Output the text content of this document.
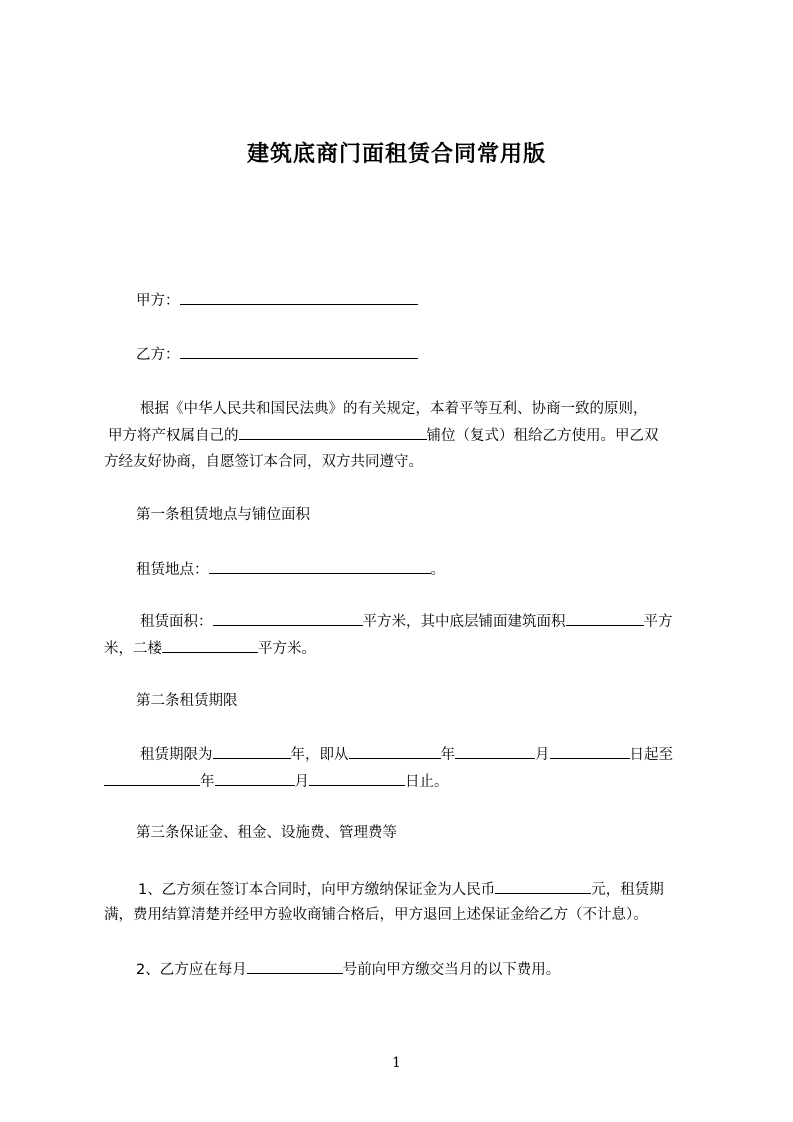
建筑底商门面租赁合同常用版
甲方：
乙方：
根据《中华人民共和国民法典》的有关规定，本着平等互利、协商一致的原则，
甲方将产权属自己的	铺位（复式）租给乙方使用。甲乙双
方经友好协商，自愿签订本合同，双方共同遵守。
第一条租赁地点与铺位面积
租赁地点：	。
租赁面积：	平方米，其中底层铺面建筑面积	平方
米，二楼	平方米。
第二条租赁期限
租赁期限为	年，即从	年	月	日起至
年	月	日止。
第三条保证金、租金、设施费、管理费等
1、乙方须在签订本合同时，向甲方缴纳保证金为人民币	元，租赁期
满，费用结算清楚并经甲方验收商铺合格后，甲方退回上述保证金给乙方（不计息）。
2、乙方应在每月	号前向甲方缴交当月的以下费用。
1
